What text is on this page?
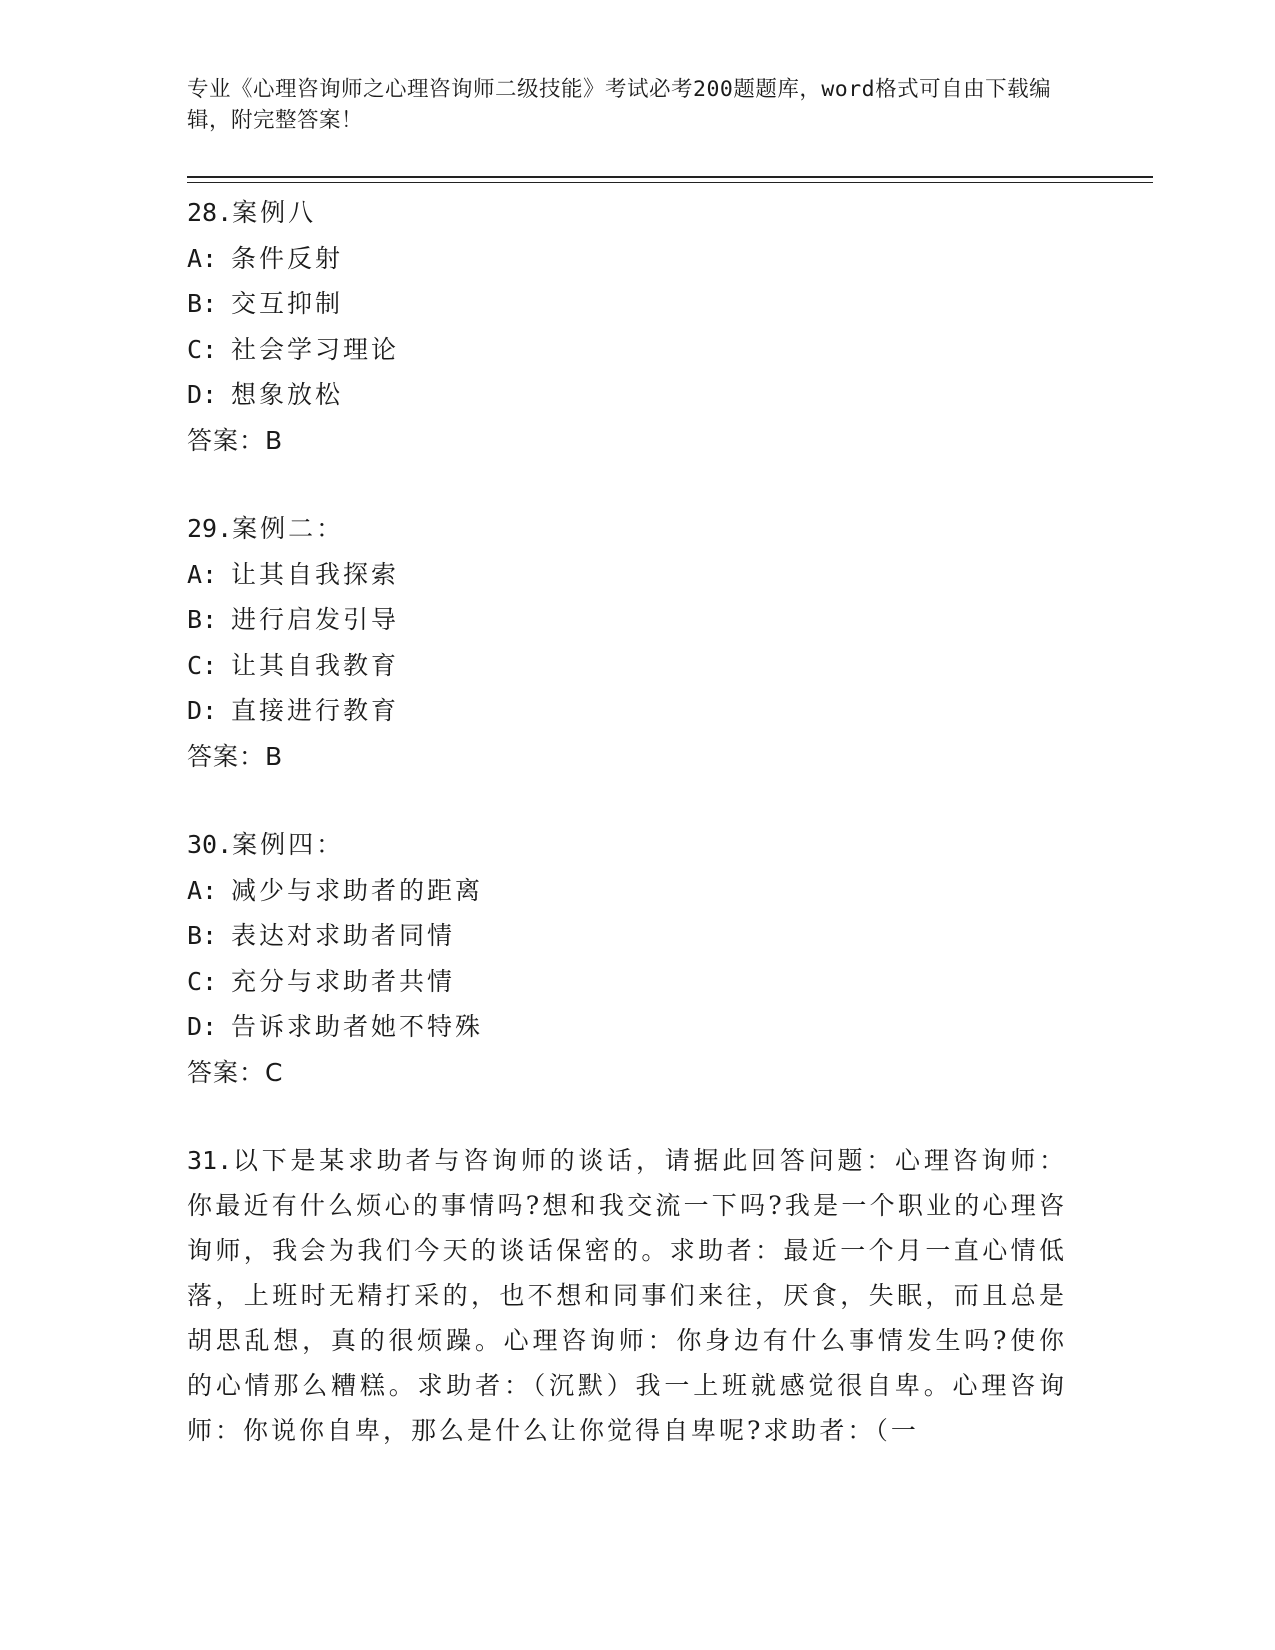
专业《心理咨询师之心理咨询师二级技能》考试必考200题题库，word格式可自由下载编辑，附完整答案！
28.案例八
A: 条件反射
B: 交互抑制
C: 社会学习理论
D: 想象放松
答案：B
29.案例二：
A: 让其自我探索
B: 进行启发引导
C: 让其自我教育
D: 直接进行教育
答案：B
30.案例四：
A: 减少与求助者的距离
B: 表达对求助者同情
C: 充分与求助者共情
D: 告诉求助者她不特殊
答案：C
31.以下是某求助者与咨询师的谈话，请据此回答问题：心理咨询师：你最近有什么烦心的事情吗?想和我交流一下吗?我是一个职业的心理咨询师，我会为我们今天的谈话保密的。求助者：最近一个月一直心情低落，上班时无精打采的，也不想和同事们来往，厌食，失眠，而且总是胡思乱想，真的很烦躁。心理咨询师：你身边有什么事情发生吗?使你的心情那么糟糕。求助者：（沉默）我一上班就感觉很自卑。心理咨询师：你说你自卑，那么是什么让你觉得自卑呢?求助者：（一
